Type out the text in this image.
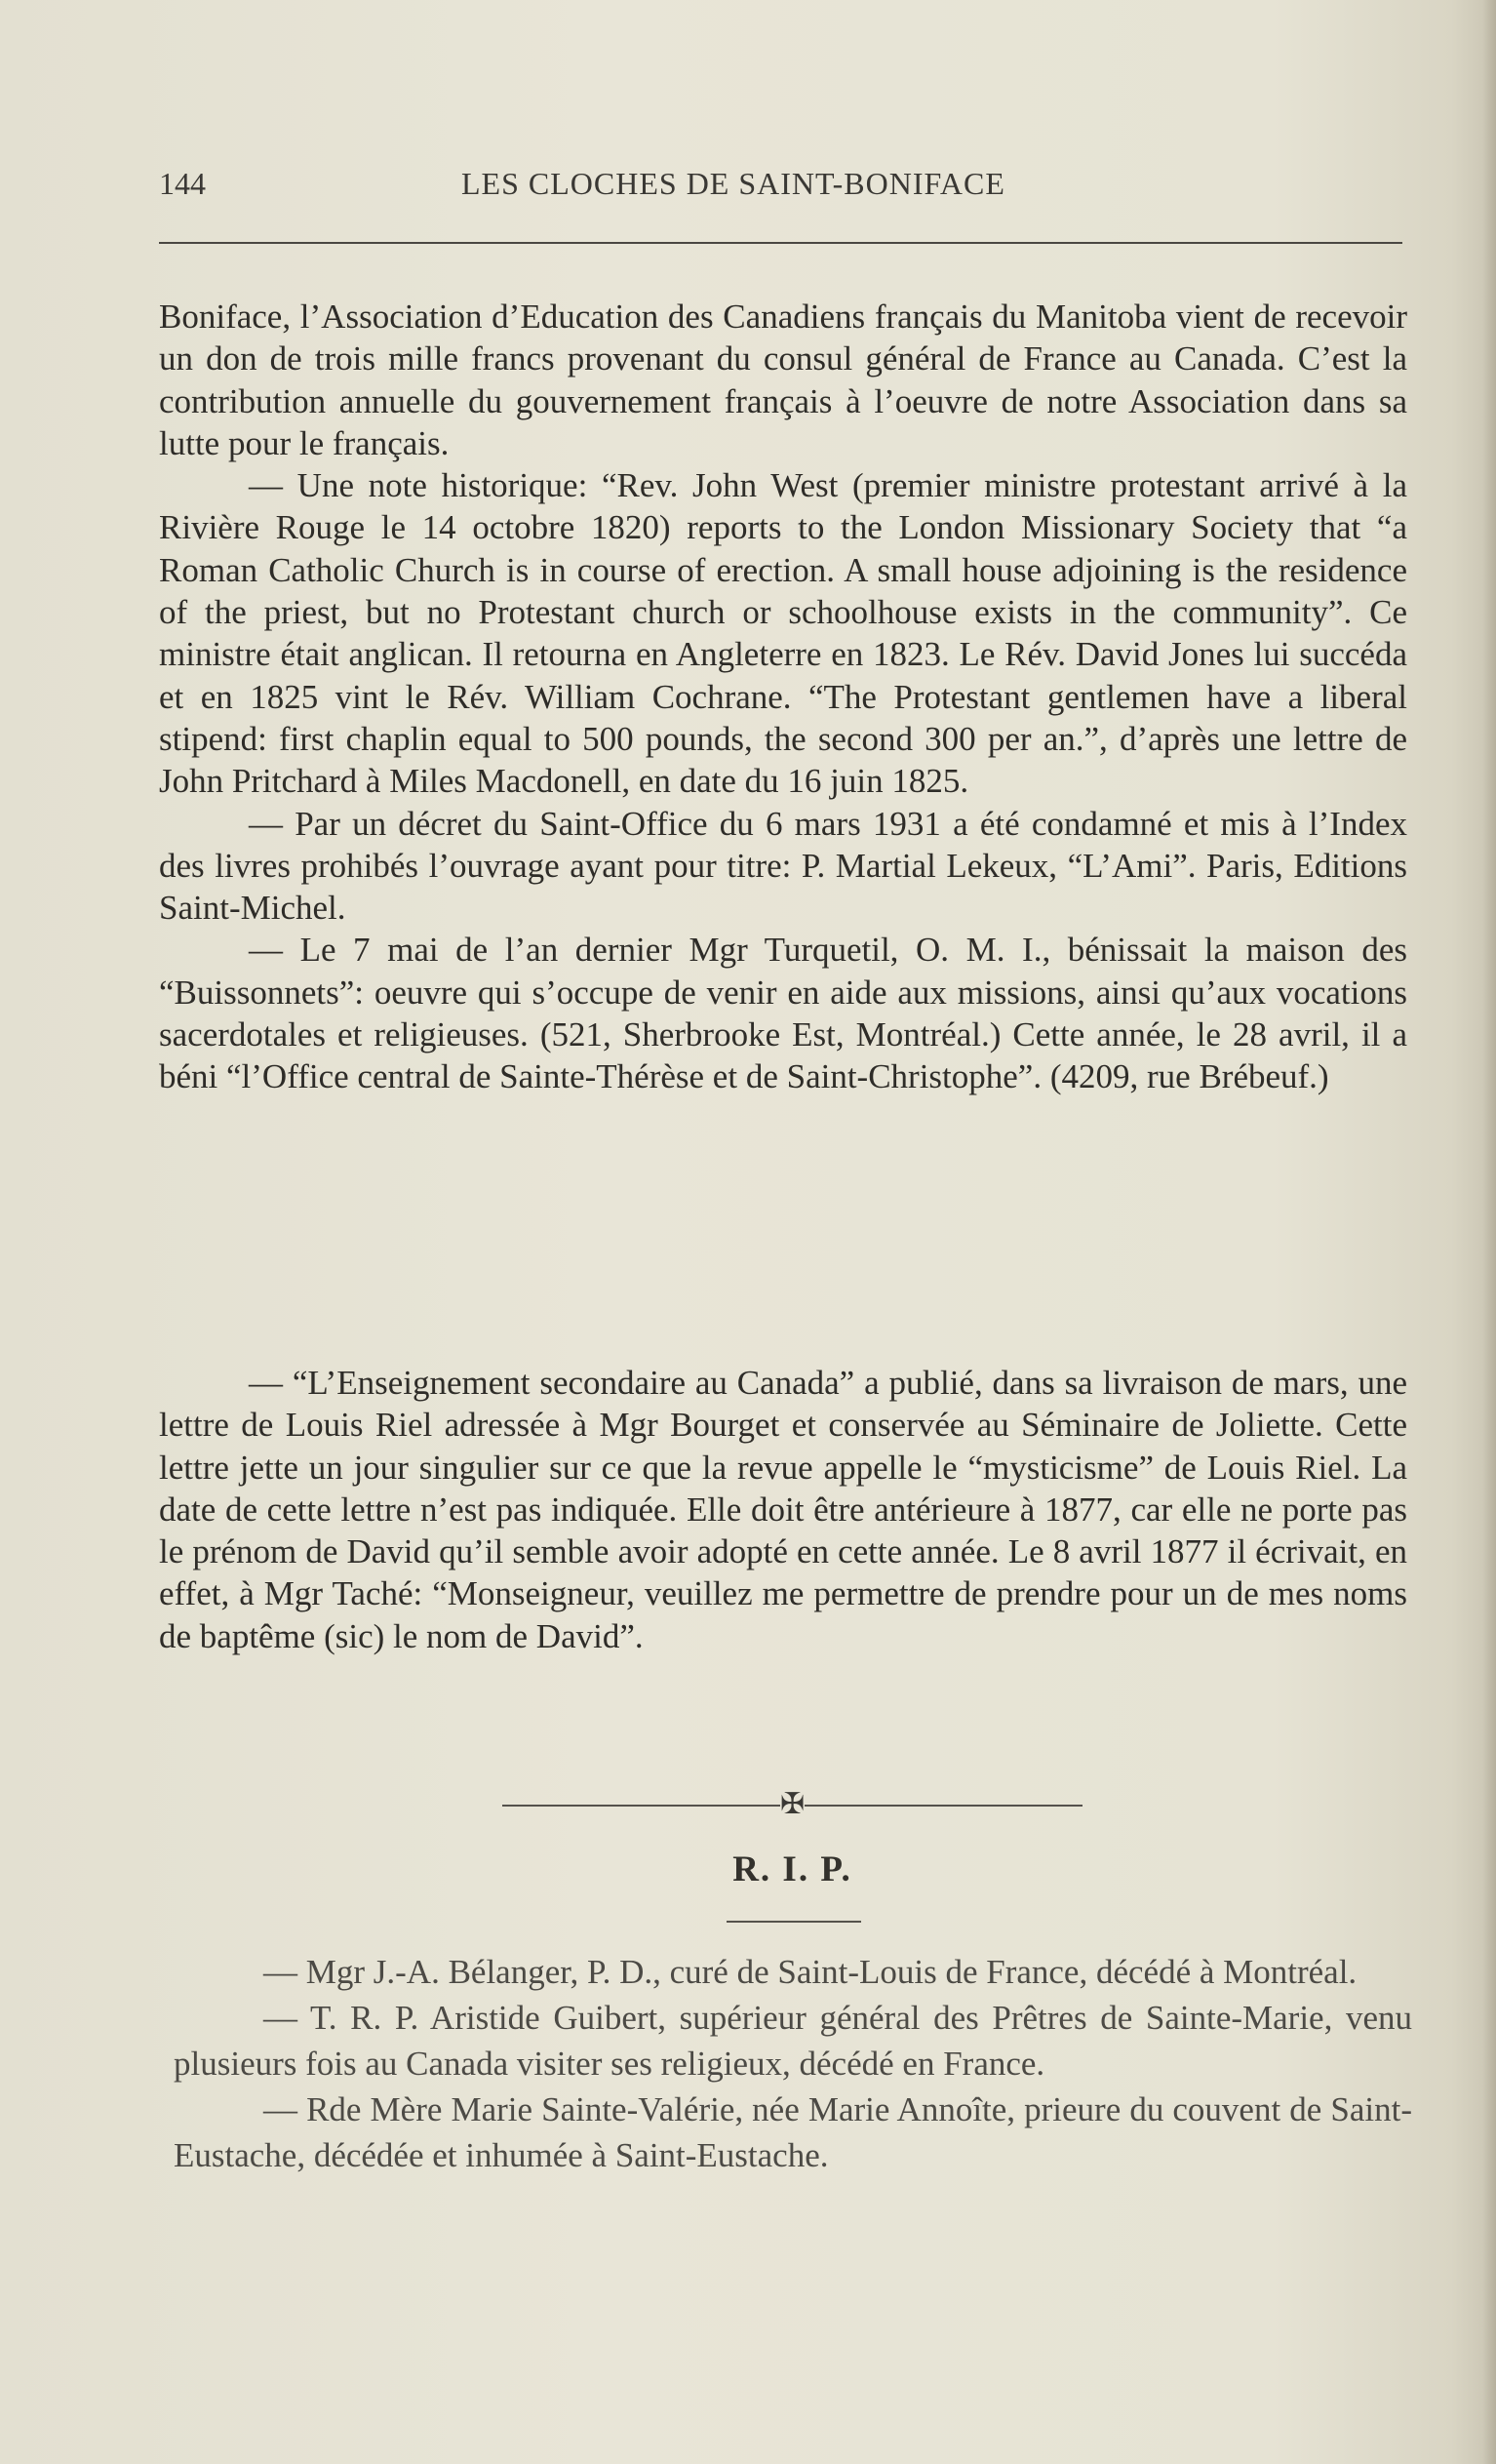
144	LES CLOCHES DE SAINT-BONIFACE

Boniface, l’Association d’Education des Canadiens français du Manitoba vient de recevoir un don de trois mille francs provenant du consul général de France au Canada. C’est la contribution annuelle du gouvernement français à l’oeuvre de notre Association dans sa lutte pour le français.

— Une note historique: “Rev. John West (premier ministre protestant arrivé à la Rivière Rouge le 14 octobre 1820) reports to the London Missionary Society that “a Roman Catholic Church is in course of erection. A small house adjoining is the residence of the priest, but no Protestant church or schoolhouse exists in the community”. Ce ministre était anglican. Il retourna en Angleterre en 1823. Le Rév. David Jones lui succéda et en 1825 vint le Rév. William Cochrane. “The Protestant gentlemen have a liberal stipend: first chaplin equal to 500 pounds, the second 300 per an.”, d’après une lettre de John Pritchard à Miles Macdonell, en date du 16 juin 1825.

— Par un décret du Saint-Office du 6 mars 1931 a été condamné et mis à l’Index des livres prohibés l’ouvrage ayant pour titre: P. Martial Lekeux, “L’Ami”. Paris, Editions Saint-Michel.

— Le 7 mai de l’an dernier Mgr Turquetil, O. M. I., bénissait la maison des “Buissonnets”: oeuvre qui s’occupe de venir en aide aux missions, ainsi qu’aux vocations sacerdotales et religieuses. (521, Sherbrooke Est, Montréal.) Cette année, le 28 avril, il a béni “l’Office central de Sainte-Thérèse et de Saint-Christophe”. (4209, rue Brébeuf.)

— “L’Enseignement secondaire au Canada” a publié, dans sa livraison de mars, une lettre de Louis Riel adressée à Mgr Bourget et conservée au Séminaire de Joliette. Cette lettre jette un jour singulier sur ce que la revue appelle le “mysticisme” de Louis Riel. La date de cette lettre n’est pas indiquée. Elle doit être antérieure à 1877, car elle ne porte pas le prénom de David qu’il semble avoir adopté en cette année. Le 8 avril 1877 il écrivait, en effet, à Mgr Taché: “Monseigneur, veuillez me permettre de prendre pour un de mes noms de baptême (sic) le nom de David”.

✠
R. I. P.

— Mgr J.-A. Bélanger, P. D., curé de Saint-Louis de France, décédé à Montréal.

— T. R. P. Aristide Guibert, supérieur général des Prêtres de Sainte-Marie, venu plusieurs fois au Canada visiter ses religieux, décédé en France.

— Rde Mère Marie Sainte-Valérie, née Marie Annoîte, prieure du couvent de Saint-Eustache, décédée et inhumée à Saint-Eustache.
